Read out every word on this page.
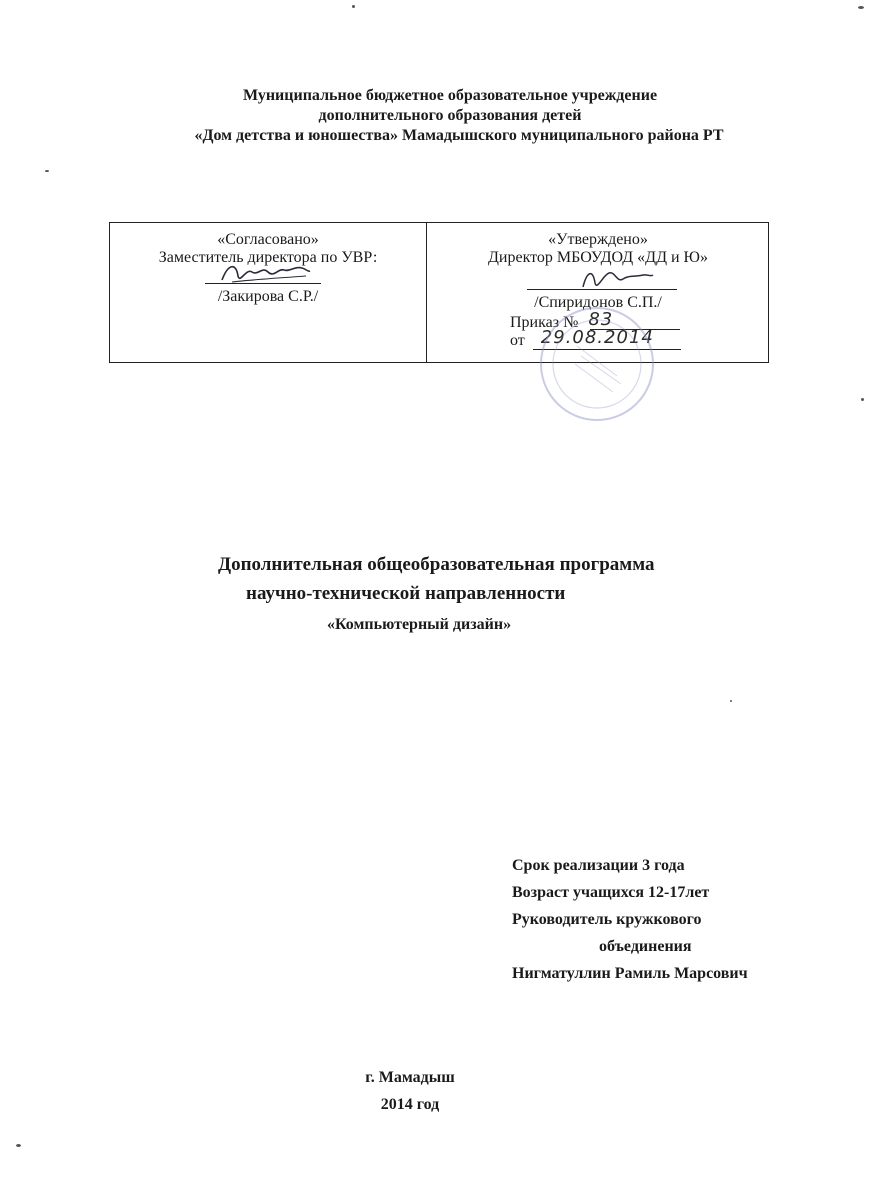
Муниципальное бюджетное образовательное учреждение
дополнительного образования детей
«Дом детства и юношества» Мамадышского муниципального района РТ
«Согласовано»
Заместитель директора по УВР:
/Закирова С.Р./

«Утверждено»
Директор МБОУДОД «ДД и Ю»
/Спиридонов С.П./
Приказ № 83
от 29.08.2014
Дополнительная общеобразовательная программа
научно-технической направленности
«Компьютерный дизайн»
Срок реализации 3 года
Возраст учащихся 12-17лет
Руководитель кружкового
объединения
Нигматуллин Рамиль Марсович
г. Мамадыш
2014 год
